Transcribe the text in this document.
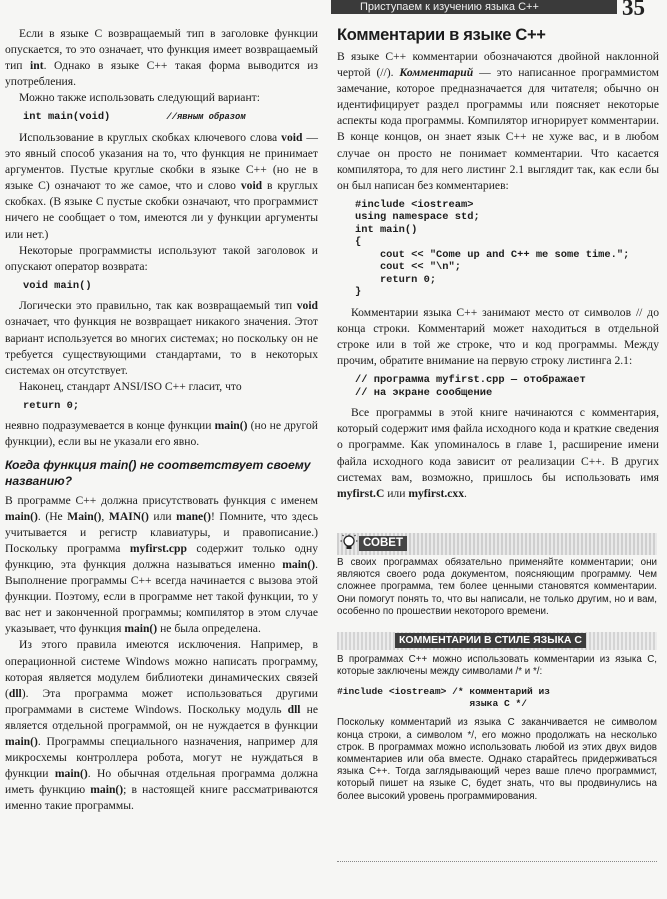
Приступаем к изучению языка С++	35

Если в языке С возвращаемый тип в заголовке функции опускается, то это означает, что функция имеет возвращаемый тип int. Однако в языке С++ такая форма выводится из употребления.

Можно также использовать следующий вариант:

int main(void)	//явным образом

Использование в круглых скобках ключевого слова void — это явный способ указания на то, что функция не принимает аргументов. Пустые круглые скобки в языке С++ (но не в языке С) означают то же самое, что и слово void в круглых скобках. (В языке С пустые скобки означают, что программист ничего не сообщает о том, имеются ли у функции аргументы или нет.)

Некоторые программисты используют такой заголовок и опускают оператор возврата:

void main()

Логически это правильно, так как возвращаемый тип void означает, что функция не возвращает никакого значения. Этот вариант используется во многих системах; но поскольку он не требуется существующими стандартами, то в некоторых системах он отсутствует.

Наконец, стандарт ANSI/ISO С++ гласит, что

return 0;

неявно подразумевается в конце функции main() (но не другой функции), если вы не указали его явно.

Когда функция main() не соответствует своему названию?

В программе С++ должна присутствовать функция с именем main(). (Не Main(), MAIN() или mane()! Помните, что здесь учитывается и регистр клавиатуры, и правописание.) Поскольку программа myfirst.cpp содержит только одну функцию, эта функция должна называться именно main(). Выполнение программы С++ всегда начинается с вызова этой функции. Поэтому, если в программе нет такой функции, то у вас нет и законченной программы; компилятор в этом случае указывает, что функция main() не была определена.

Из этого правила имеются исключения. Например, в операционной системе Windows можно написать программу, которая является модулем библиотеки динамических связей (dll). Эта программа может использоваться другими программами в системе Windows. Поскольку модуль dll не является отдельной программой, он не нуждается в функции main(). Программы специального назначения, например для микросхемы контроллера робота, могут не нуждаться в функции main(). Но обычная отдельная программа должна иметь функцию main(); в настоящей книге рассматриваются именно такие программы.

Комментарии в языке С++

В языке С++ комментарии обозначаются двойной наклонной чертой (//). Комментарий — это написанное программистом замечание, которое предназначается для читателя; обычно он идентифицирует раздел программы или поясняет некоторые аспекты кода программы. Компилятор игнорирует комментарии. В конце концов, он знает язык С++ не хуже вас, и в любом случае он просто не понимает комментарии. Что касается компилятора, то для него листинг 2.1 выглядит так, как если бы он был написан без комментариев:

#include <iostream>
using namespace std;
int main()
{
cout << "Come up and C++ me some time.";
cout << "\n";
return 0;
}

Комментарии языка С++ занимают место от символов // до конца строки. Комментарий может находиться в отдельной строке или в той же строке, что и код программы. Между прочим, обратите внимание на первую строку листинга 2.1:

// программа myfirst.cpp — отображает
// на экране сообщение

Все программы в этой книге начинаются с комментария, который содержит имя файла исходного кода и краткие сведения о программе. Как упоминалось в главе 1, расширение имени файла исходного кода зависит от реализации С++. В других системах вам, возможно, пришлось бы использовать имя myfirst.C или myfirst.cxx.

СОВЕТ

В своих программах обязательно применяйте комментарии; они являются своего рода документом, поясняющим программу. Чем сложнее программа, тем более ценными становятся комментарии. Они помогут понять то, что вы написали, не только другим, но и вам, особенно по прошествии некоторого времени.

КОММЕНТАРИИ В СТИЛЕ ЯЗЫКА С

В программах С++ можно использовать комментарии из языка С, которые заключены между символами /* и */:

#include <iostream> /* комментарий из
языка С */

Поскольку комментарий из языка С заканчивается не символом конца строки, а символом */, его можно продолжать на несколько строк. В программах можно использовать любой из этих двух видов комментариев или оба вместе. Однако старайтесь придерживаться языка С++. Тогда заглядывающий через ваше плечо программист, который пишет на языке С, будет знать, что вы продвинулись на более высокий уровень программирования.
